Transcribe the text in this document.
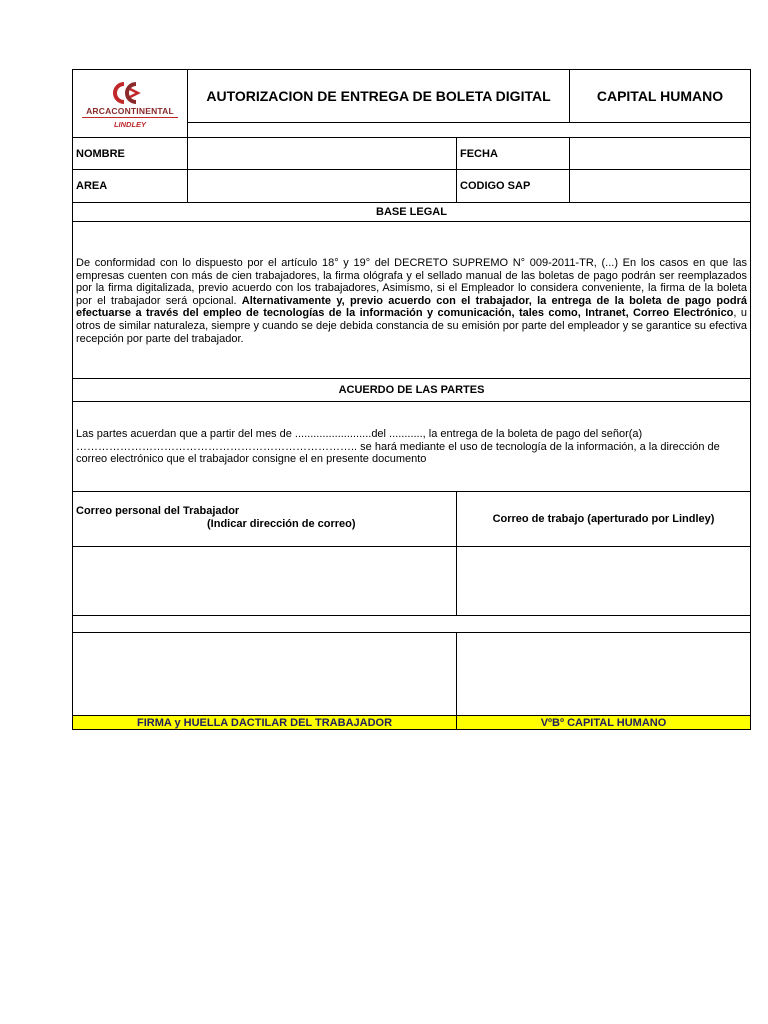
ARCACONTINENTAL
LINDLEY
AUTORIZACION DE ENTREGA DE BOLETA DIGITAL	CAPITAL HUMANO
NOMBRE	FECHA
AREA	CODIGO SAP
BASE LEGAL
De conformidad con lo dispuesto por el artículo 18° y 19° del DECRETO SUPREMO N° 009-2011-TR, (...) En los casos en que las empresas cuenten con más de cien trabajadores, la firma ológrafa y el sellado manual de las boletas de pago podrán ser reemplazados por la firma digitalizada, previo acuerdo con los trabajadores, Asimismo, si el Empleador lo considera conveniente, la firma de la boleta por el trabajador será opcional. Alternativamente y, previo acuerdo con el trabajador, la entrega de la boleta de pago podrá efectuarse a través del empleo de tecnologías de la información y comunicación, tales como, Intranet, Correo Electrónico, u otros de similar naturaleza, siempre y cuando se deje debida constancia de su emisión por parte del empleador y se garantice su efectiva recepción por parte del trabajador.
ACUERDO DE LAS PARTES
Las partes acuerdan que a partir del mes de .........................del ..........., la entrega de la boleta de pago del señor(a) ………………………………………………………………….. se hará mediante el uso de tecnología de la información, a la dirección de correo electrónico que el trabajador consigne el en presente documento
Correo personal del Trabajador
(Indicar dirección de correo)	Correo de trabajo (aperturado por Lindley)
FIRMA y HUELLA DACTILAR DEL TRABAJADOR	VºBº CAPITAL HUMANO
